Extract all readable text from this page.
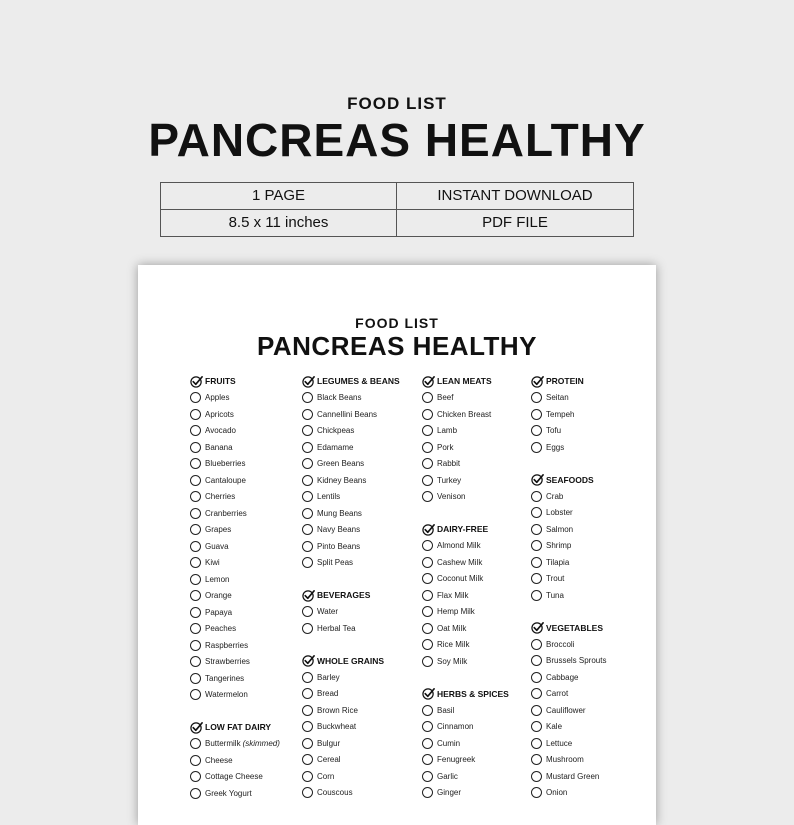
FOOD LIST
PANCREAS HEALTHY
1 PAGE	INSTANT DOWNLOAD
8.5 x 11 inches	PDF FILE
FOOD LIST
PANCREAS HEALTHY
FRUITS
Apples
Apricots
Avocado
Banana
Blueberries
Cantaloupe
Cherries
Cranberries
Grapes
Guava
Kiwi
Lemon
Orange
Papaya
Peaches
Raspberries
Strawberries
Tangerines
Watermelon
LOW FAT DAIRY
Buttermilk (skimmed)
Cheese
Cottage Cheese
Greek Yogurt
LEGUMES & BEANS
Black Beans
Cannellini Beans
Chickpeas
Edamame
Green Beans
Kidney Beans
Lentils
Mung Beans
Navy Beans
Pinto Beans
Split Peas
BEVERAGES
Water
Herbal Tea
WHOLE GRAINS
Barley
Bread
Brown Rice
Buckwheat
Bulgur
Cereal
Corn
Couscous
LEAN MEATS
Beef
Chicken Breast
Lamb
Pork
Rabbit
Turkey
Venison
DAIRY-FREE
Almond Milk
Cashew Milk
Coconut Milk
Flax Milk
Hemp Milk
Oat Milk
Rice Milk
Soy Milk
HERBS & SPICES
Basil
Cinnamon
Cumin
Fenugreek
Garlic
Ginger
PROTEIN
Seitan
Tempeh
Tofu
Eggs
SEAFOODS
Crab
Lobster
Salmon
Shrimp
Tilapia
Trout
Tuna
VEGETABLES
Broccoli
Brussels Sprouts
Cabbage
Carrot
Cauliflower
Kale
Lettuce
Mushroom
Mustard Green
Onion
